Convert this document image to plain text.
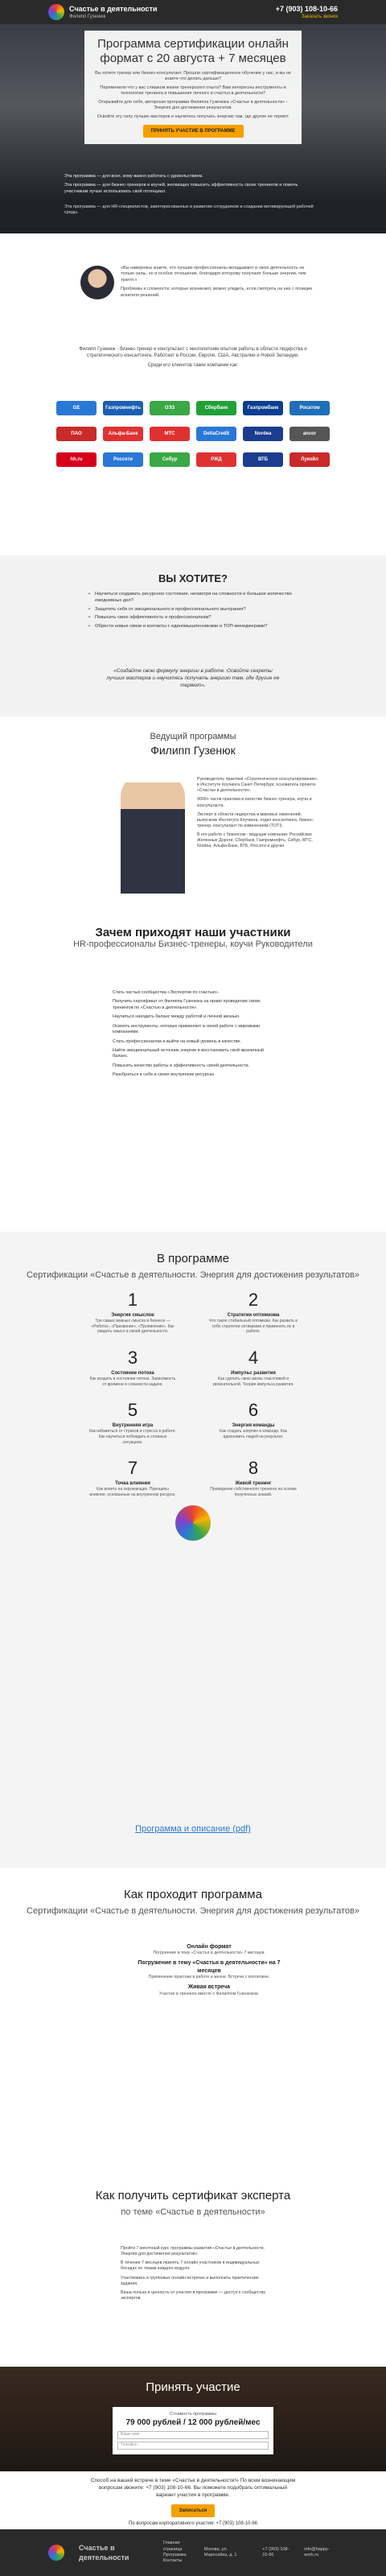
Счастье в деятельности
Филипп Гузенюк
+7 (903) 108-10-66
Заказать звонок
Программа сертификации онлайн формат с 20 августа + 7 месяцев

Вы хотите тренер или бизнес-консультант. Прошли сертификационное обучение у нас, и вы не знаете что делать дальше?

Переменили что у вас слишком жизни тренерского опыта? Вам интересны инструменты и технологии тренинга и повышения личного и счастья в деятельности?

Открывайте для себя, авторская программа Филиппа Гузенюка «Счастье в деятельности» - Энергия для достижения результатов.

Освойте эту силу лучших мастеров и научитесь получать энергию там, где другие ее теряют.

ПРИНЯТЬ УЧАСТИЕ В ПРОГРАММЕ

Эта программа — для всех, кому важно работать с удовольствием.

Эта программа — для бизнес-тренеров и коучей, желающих повысить эффективность своих тренингов и помочь участникам лучше использовать свой потенциал.

Эта программа — для HR-специалистов, заинтересованных в развитии сотрудников и создании мотивирующей рабочей среды.

«Вы наверняка знаете, что лучшие профессионалы вкладывают в свою деятельность не только силы, но и особое отношение, благодаря которому получают больше энергии, чем тратят.»

Проблемы и сложности, которые возникают, можно уладить, если смотреть на них с позиции искателя решений.

Филипп Гузенюк - бизнес-тренер и консультант с многолетним опытом работы в области лидерства и стратегического консалтинга. Работает в России, Европе, США, Австралии и Новой Зеландии.

Среди его клиентов такие компании как:

GE	Газпромнефть	ОЭЗ	Сбербанк	Газпромбанк	Росатом
ПАО	Альфа-Банк	МТС	DeltaCredit	Nordea	ancor
hh.ru	Россети	Сибур	РЖД	ВТБ	Лукойл
ВЫ ХОТИТЕ?
• Научиться создавать ресурсное состояние, несмотря на сложности и большое количество ежедневных дел?
• Защитить себя от эмоционального и профессионального выгорания?
• Повысить свою эффективность и профессионализм?
• Обрести новые связи и контакты с единомышленниками и ТОП-менеджерами?
«Создайте свою формулу энергии в работе. Освойте секреты лучших мастеров и научитесь получать энергию там, где другие ее теряют».
Ведущий программы
Филипп Гузенюк

Руководитель практики «Стратегическое консультирование» в Институте Коучинга Санкт-Петербург, основатель проекта «Счастье в деятельности».

9000+ часов практики в качестве бизнес-тренера, коуча и консультанта.

Эксперт в области лидерства и мировых изменений, выпускник Института Коучинга, отдел консалтинга, бизнес-тренер, консультант по изменениям (TOTI).

В его работе с бизнесом - ведущие компании: Российские Железные Дороги, Сбербанк, Газпромнефть, Сибур, МТС, Nordea, Альфа-Банк, ВТБ, Россети и другие.

Зачем приходят наши участники
HR-профессионалы Бизнес-тренеры, коучи Руководители

Стать частью сообщества «Экспертов по счастью».

Получить сертификат от Филиппа Гузенюка на право проведения своих тренингов по «Счастью в деятельности».

Научиться находить баланс между работой и личной жизнью.

Освоить инструменты, которые применяют в своей работе с мировыми компаниями.

Стать профессионалом и выйти на новый уровень в качестве.

Найти эмоциональный источник энергии и восстановить свой жизненный баланс.

Повысить качество работы и эффективность своей деятельности.

Разобраться в себе и своих внутренних ресурсах.

В программе
Сертификации «Счастье в деятельности. Энергия для достижения результатов»
1
Энергия смыслов
Три самых важных смысла в бизнесе — «Работа», «Призвание», «Проявление». Как увидеть смысл в своей деятельности.
2
Стратегии оптимизма
Что такое стабильный оптимизм. Как развить в себе стратегии оптимизма и применять их в работе.
3
Состояние потока
Как входить в состояние потока. Зависимость от времени и сложности задачи.
4
Импульс развития
Как сделать свою жизнь счастливой и увлекательной. Теория импульса развития.
5
Внутренняя игра
Как избавиться от страхов и стресса в работе. Как научиться побеждать в сложных ситуациях.
6
Энергия команды
Как создать энергию в команде. Как вдохновить людей на результат.
7
Точка влияния
Как влиять на окружающих. Принципы влияния, основанные на внутреннем ресурсе.
8
Живой тренинг
Проведение собственного тренинга на основе полученных знаний.
Программа и описание (pdf)
Как проходит программа
Сертификации «Счастье в деятельности. Энергия для достижения результатов»
Онлайн формат
Погружение в тему «Счастья в деятельности» 7 месяцев.
Погружение в тему «Счастья в деятельности» на 7 месяцев
Применение практики в работе и жизни. Встречи с коллегами.
Живая встреча
Участие в тренинге вместе с Филиппом Гузенюком.
Как получить сертификат эксперта
по теме «Счастье в деятельности»

Пройти 7 месячный курс программы развития «Счастье в деятельности. Энергия для достижения результатов».

В течение 7 месяцев принять 7 онлайн участников в индивидуальных беседах по темам каждого модуля.

Участвовать в групповых онлайн-встречах и выполнить практические задания.

Ваша польза и ценность от участия в программе — доступ к сообществу экспертов.

Принять участие
Стоимость программы
79 000 рублей / 12 000 рублей/мес
Ваше имя
Телефон

Способ на вашей встрече в теме «Счастье в деятельности!» По всем возникающим вопросам звоните: +7 (903) 108-10-66. Вы поможете подобрать оптимальный вариант участия в программе.

Записаться

По вопросам корпоративного участия: +7 (903) 108-10-66

Счастье в деятельности
Главная страница
Программа
Контакты
Москва, ул. Маросейка, д. 1
+7 (903) 108-10-66
info@happy-work.ru
